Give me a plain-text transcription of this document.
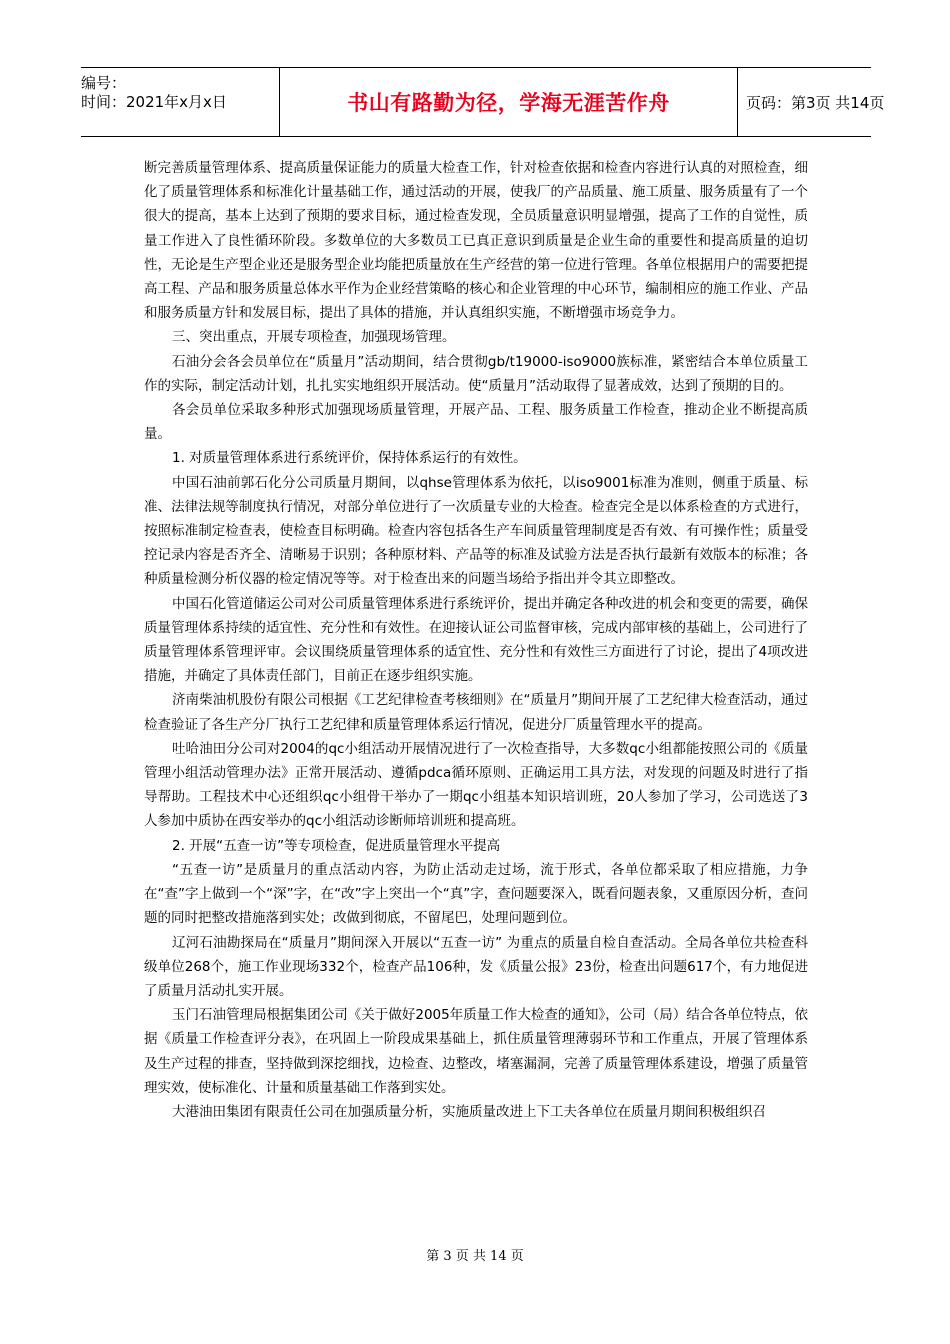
编号：
时间：2021年x月x日	书山有路勤为径，学海无涯苦作舟	页码：第3页 共14页

断完善质量管理体系、提高质量保证能力的质量大检查工作，针对检查依据和检查内容进行认真的对照检查，细化了质量管理体系和标准化计量基础工作，通过活动的开展，使我厂的产品质量、施工质量、服务质量有了一个很大的提高，基本上达到了预期的要求目标，通过检查发现，全员质量意识明显增强，提高了工作的自觉性，质量工作进入了良性循环阶段。多数单位的大多数员工已真正意识到质量是企业生命的重要性和提高质量的迫切性，无论是生产型企业还是服务型企业均能把质量放在生产经营的第一位进行管理。各单位根据用户的需要把提高工程、产品和服务质量总体水平作为企业经营策略的核心和企业管理的中心环节，编制相应的施工作业、产品和服务质量方针和发展目标，提出了具体的措施，并认真组织实施，不断增强市场竞争力。

三、突出重点，开展专项检查，加强现场管理。

石油分会各会员单位在“质量月”活动期间，结合贯彻gb/t19000-iso9000族标准，紧密结合本单位质量工作的实际，制定活动计划，扎扎实实地组织开展活动。使“质量月”活动取得了显著成效，达到了预期的目的。

各会员单位采取多种形式加强现场质量管理，开展产品、工程、服务质量工作检查，推动企业不断提高质量。

1. 对质量管理体系进行系统评价，保持体系运行的有效性。

中国石油前郭石化分公司质量月期间，以qhse管理体系为依托，以iso9001标准为准则，侧重于质量、标准、法律法规等制度执行情况，对部分单位进行了一次质量专业的大检查。检查完全是以体系检查的方式进行，按照标准制定检查表，使检查目标明确。检查内容包括各生产车间质量管理制度是否有效、有可操作性；质量受控记录内容是否齐全、清晰易于识别；各种原材料、产品等的标准及试验方法是否执行最新有效版本的标准；各种质量检测分析仪器的检定情况等等。对于检查出来的问题当场给予指出并令其立即整改。

中国石化管道储运公司对公司质量管理体系进行系统评价，提出并确定各种改进的机会和变更的需要，确保质量管理体系持续的适宜性、充分性和有效性。在迎接认证公司监督审核，完成内部审核的基础上，公司进行了质量管理体系管理评审。会议围绕质量管理体系的适宜性、充分性和有效性三方面进行了讨论，提出了4项改进措施，并确定了具体责任部门，目前正在逐步组织实施。

济南柴油机股份有限公司根据《工艺纪律检查考核细则》在“质量月”期间开展了工艺纪律大检查活动，通过检查验证了各生产分厂执行工艺纪律和质量管理体系运行情况，促进分厂质量管理水平的提高。

吐哈油田分公司对2004的qc小组活动开展情况进行了一次检查指导，大多数qc小组都能按照公司的《质量管理小组活动管理办法》正常开展活动、遵循pdca循环原则、正确运用工具方法，对发现的问题及时进行了指导帮助。工程技术中心还组织qc小组骨干举办了一期qc小组基本知识培训班，20人参加了学习，公司选送了3人参加中质协在西安举办的qc小组活动诊断师培训班和提高班。

2. 开展“五查一访”等专项检查，促进质量管理水平提高

“五查一访”是质量月的重点活动内容，为防止活动走过场，流于形式，各单位都采取了相应措施，力争在“查”字上做到一个“深”字，在“改”字上突出一个“真”字，查问题要深入，既看问题表象，又重原因分析，查问题的同时把整改措施落到实处；改做到彻底，不留尾巴，处理问题到位。

辽河石油勘探局在“质量月”期间深入开展以“五查一访” 为重点的质量自检自查活动。全局各单位共检查科级单位268个，施工作业现场332个，检查产品106种，发《质量公报》23份，检查出问题617个，有力地促进了质量月活动扎实开展。

玉门石油管理局根据集团公司《关于做好2005年质量工作大检查的通知》，公司（局）结合各单位特点，依据《质量工作检查评分表》，在巩固上一阶段成果基础上，抓住质量管理薄弱环节和工作重点，开展了管理体系及生产过程的排查，坚持做到深挖细找，边检查、边整改，堵塞漏洞，完善了质量管理体系建设，增强了质量管理实效，使标准化、计量和质量基础工作落到实处。

大港油田集团有限责任公司在加强质量分析，实施质量改进上下工夫各单位在质量月期间积极组织召

第 3 页 共 14 页
